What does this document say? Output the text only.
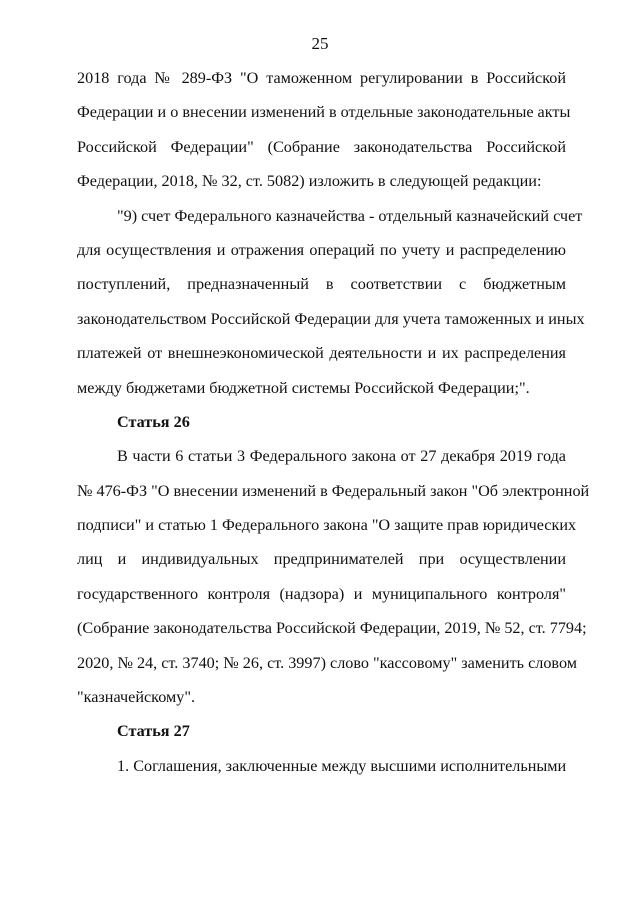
25
2018 года № 289-ФЗ "О таможенном регулировании в Российской
Федерации и о внесении изменений в отдельные законодательные акты
Российской Федерации" (Собрание законодательства Российской
Федерации, 2018, № 32, ст. 5082) изложить в следующей редакции:
"9) счет Федерального казначейства - отдельный казначейский счет
для осуществления и отражения операций по учету и распределению
поступлений, предназначенный в соответствии с бюджетным
законодательством Российской Федерации для учета таможенных и иных
платежей от внешнеэкономической деятельности и их распределения
между бюджетами бюджетной системы Российской Федерации;".
Статья 26
В части 6 статьи 3 Федерального закона от 27 декабря 2019 года
№ 476-ФЗ "О внесении изменений в Федеральный закон "Об электронной
подписи" и статью 1 Федерального закона "О защите прав юридических
лиц и индивидуальных предпринимателей при осуществлении
государственного контроля (надзора) и муниципального контроля"
(Собрание законодательства Российской Федерации, 2019, № 52, ст. 7794;
2020, № 24, ст. 3740; № 26, ст. 3997) слово "кассовому" заменить словом
"казначейскому".
Статья 27
1. Соглашения, заключенные между высшими исполнительными
